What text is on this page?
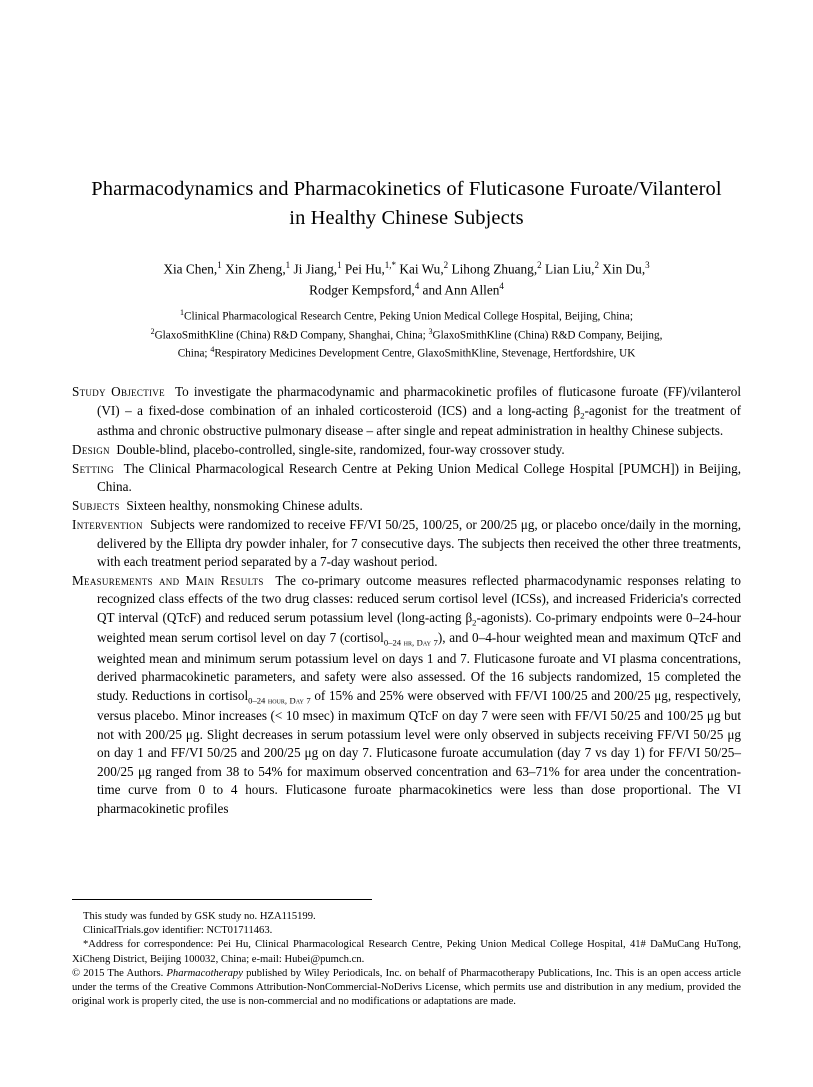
Pharmacodynamics and Pharmacokinetics of Fluticasone Furoate/Vilanterol in Healthy Chinese Subjects
Xia Chen,$^1$ Xin Zheng,$^1$ Ji Jiang,$^1$ Pei Hu,$^{1,*}$ Kai Wu,$^2$ Lihong Zhuang,$^2$ Lian Liu,$^2$ Xin Du,$^3$
Rodger Kempsford,$^4$ and Ann Allen$^4$
$^1$Clinical Pharmacological Research Centre, Peking Union Medical College Hospital, Beijing, China;
$^2$GlaxoSmithKline (China) R&D Company, Shanghai, China; $^3$GlaxoSmithKline (China) R&D Company, Beijing,
China; $^4$Respiratory Medicines Development Centre, GlaxoSmithKline, Stevenage, Hertfordshire, UK
Study Objective  To investigate the pharmacodynamic and pharmacokinetic profiles of fluticasone furoate (FF)/vilanterol (VI) – a fixed-dose combination of an inhaled corticosteroid (ICS) and a long-acting $\beta_2$-agonist for the treatment of asthma and chronic obstructive pulmonary disease – after single and repeat administration in healthy Chinese subjects.
Design  Double-blind, placebo-controlled, single-site, randomized, four-way crossover study.
Setting  The Clinical Pharmacological Research Centre at Peking Union Medical College Hospital [PUMCH]) in Beijing, China.
Subjects  Sixteen healthy, nonsmoking Chinese adults.
Intervention  Subjects were randomized to receive FF/VI 50/25, 100/25, or 200/25 μg, or placebo once/daily in the morning, delivered by the Ellipta dry powder inhaler, for 7 consecutive days. The subjects then received the other three treatments, with each treatment period separated by a 7-day washout period.
Measurements and Main Results  The co-primary outcome measures reflected pharmacodynamic responses relating to recognized class effects of the two drug classes: reduced serum cortisol level (ICSs), and increased Fridericia's corrected QT interval (QTcF) and reduced serum potassium level (long-acting $\beta_2-agonists$). Co-primary endpoints were 0–24-hour weighted mean serum cortisol level on day 7 (cortisol$_{0-24 hr, Day 7}$), and 0–4-hour weighted mean and maximum QTcF and weighted mean and minimum serum potassium level on days 1 and 7. Fluticasone furoate and VI plasma concentrations, derived pharmacokinetic parameters, and safety were also assessed. Of the 16 subjects randomized, 15 completed the study. Reductions in cortisol$_{0-24 hour, Day 7}$ of 15% and 25% were observed with FF/VI 100/25 and 200/25 μg, respectively, versus placebo. Minor increases (< 10 msec) in maximum QTcF on day 7 were seen with FF/VI 50/25 and 100/25 μg but not with 200/25 μg. Slight decreases in serum potassium level were only observed in subjects receiving FF/VI 50/25 μg on day 1 and FF/VI 50/25 and 200/25 μg on day 7. Fluticasone furoate accumulation (day 7 vs day 1) for FF/VI 50/25–200/25 μg ranged from 38 to 54% for maximum observed concentration and 63–71% for area under the concentration-time curve from 0 to 4 hours. Fluticasone furoate pharmacokinetics were less than dose proportional. The VI pharmacokinetic profiles
This study was funded by GSK study no. HZA115199.
ClinicalTrials.gov identifier: NCT01711463.
*Address for correspondence: Pei Hu, Clinical Pharmacological Research Centre, Peking Union Medical College Hospital, 41# DaMuCang HuTong, XiCheng District, Beijing 100032, China; e-mail: Hubei@pumch.cn.
© 2015 The Authors. Pharmacotherapy published by Wiley Periodicals, Inc. on behalf of Pharmacotherapy Publications, Inc. This is an open access article under the terms of the Creative Commons Attribution-NonCommercial-NoDerivs License, which permits use and distribution in any medium, provided the original work is properly cited, the use is non-commercial and no modifications or adaptations are made.
